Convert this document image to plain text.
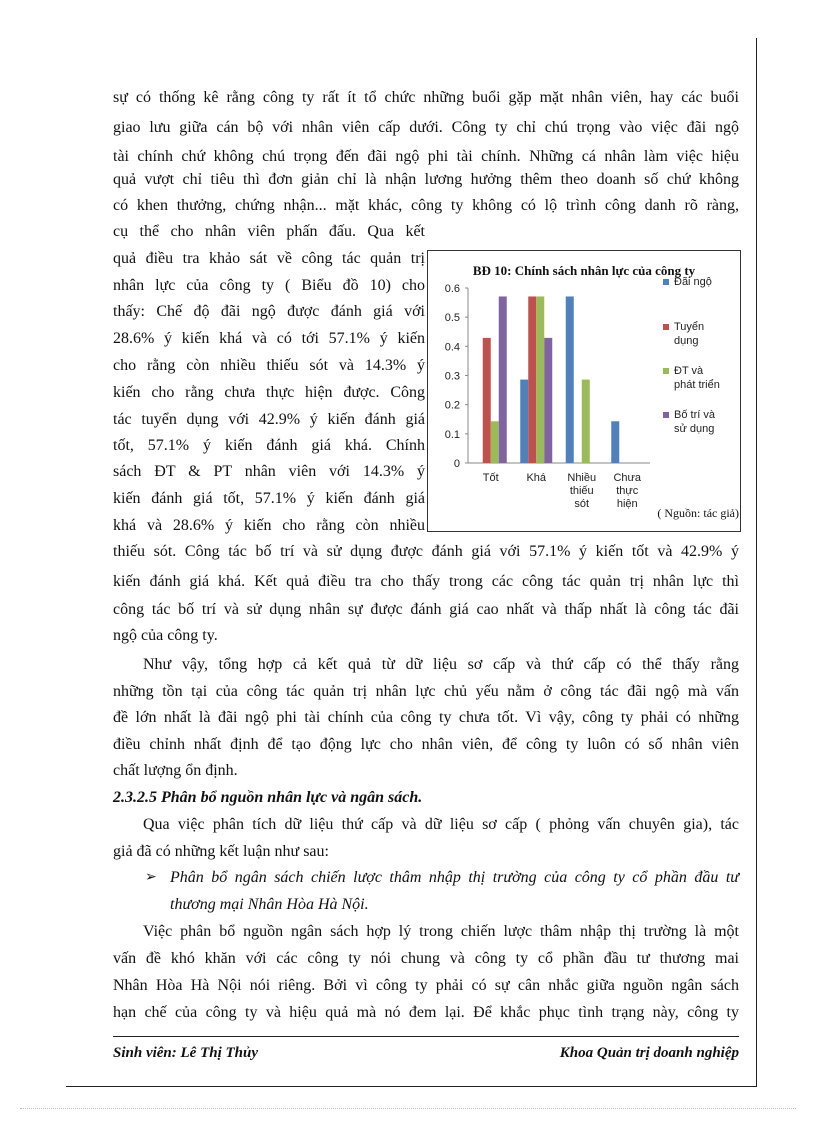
sự có thống kê rằng công ty rất ít tổ chức những buổi gặp mặt nhân viên, hay các buổi

giao lưu giữa cán bộ với nhân viên cấp dưới. Công ty chỉ chú trọng vào việc đãi ngộ

tài chính chứ không chú trọng đến đãi ngộ phi tài chính. Những cá nhân làm việc hiệu

quả vượt chỉ tiêu thì đơn giản chỉ là nhận lương hưởng thêm theo doanh số chứ không

có khen thưởng, chứng nhận... mặt khác, công ty không có lộ trình công danh rõ ràng,

cụ thể cho nhân viên phấn đấu. Qua kết

quả điều tra khảo sát về công tác quản trị

nhân lực của công ty ( Biểu đồ 10) cho

thấy: Chế độ đãi ngộ được đánh giá với

28.6% ý kiến khá và có tới 57.1% ý kiến

cho rằng còn nhiều thiếu sót và 14.3% ý

kiến cho rằng chưa thực hiện được. Công

tác tuyển dụng với 42.9% ý kiến đánh giá

tốt, 57.1% ý kiến đánh giá khá. Chính

sách ĐT & PT nhân viên với 14.3% ý

kiến đánh giá tốt, 57.1% ý kiến đánh giá

khá và 28.6% ý kiến cho rằng còn nhiều

BĐ 10: Chính sách nhân lực của công ty
0
0.1
0.2
0.3
0.4
0.5
0.6
Tốt	Khá Nhiều thiếu sót
Chưa thực hiện
Đãi ngộ
Tuyển dụng
ĐT và phát triển
Bố trí và sử dụng
( Nguồn: tác giả)

thiếu sót. Công tác bố trí và sử dụng được đánh giá với 57.1% ý kiến tốt và 42.9% ý

kiến đánh giá khá. Kết quả điều tra cho thấy trong các công tác quản trị nhân lực thì

công tác bố trí và sử dụng nhân sự được đánh giá cao nhất và thấp nhất là công tác đãi

ngộ của công ty.

Như vậy, tổng hợp cả kết quả từ dữ liệu sơ cấp và thứ cấp có thể thấy rằng

những tồn tại của công tác quản trị nhân lực chủ yếu nằm ở công tác đãi ngộ mà vấn

đề lớn nhất là đãi ngộ phi tài chính của công ty chưa tốt. Vì vậy, công ty phải có những

điều chỉnh nhất định để tạo động lực cho nhân viên, để công ty luôn có số nhân viên

chất lượng ổn định.

2.3.2.5 Phân bổ nguồn nhân lực và ngân sách.

Qua việc phân tích dữ liệu thứ cấp và dữ liệu sơ cấp ( phỏng vấn chuyên gia), tác

giả đã có những kết luận như sau:

➢ Phân bổ ngân sách chiến lược thâm nhập thị trường của công ty cổ phần đầu tư

thương mại Nhân Hòa Hà Nội.

Việc phân bổ nguồn ngân sách hợp lý trong chiến lược thâm nhập thị trường là một

vấn đề khó khăn với các công ty nói chung và công ty cổ phần đầu tư thương mai

Nhân Hòa Hà Nội nói riêng. Bởi vì công ty phải có sự cân nhắc giữa nguồn ngân sách

hạn chế của công ty và hiệu quả mà nó đem lại. Để khắc phục tình trạng này, công ty

Sinh viên: Lê Thị Thủy	Khoa Quản trị doanh nghiệp
